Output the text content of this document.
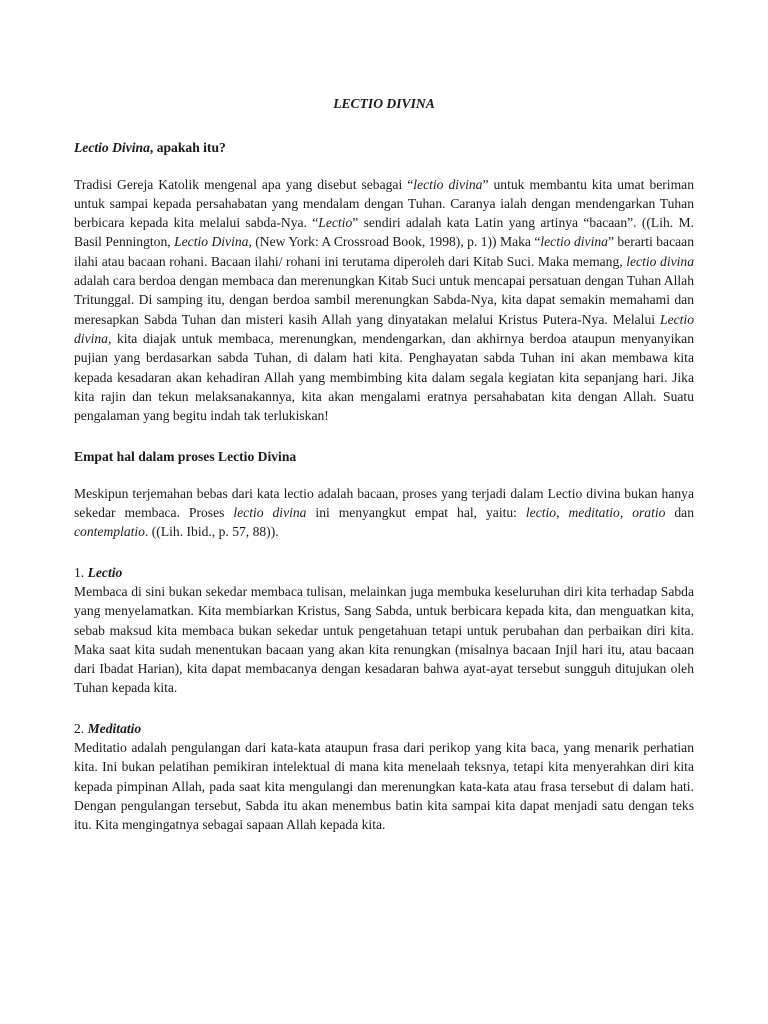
LECTIO DIVINA
Lectio Divina, apakah itu?

Tradisi Gereja Katolik mengenal apa yang disebut sebagai “lectio divina” untuk membantu kita umat beriman untuk sampai kepada persahabatan yang mendalam dengan Tuhan. Caranya ialah dengan mendengarkan Tuhan berbicara kepada kita melalui sabda-Nya. “Lectio” sendiri adalah kata Latin yang artinya “bacaan”. ((Lih. M. Basil Pennington, Lectio Divina, (New York: A Crossroad Book, 1998), p. 1)) Maka “lectio divina” berarti bacaan ilahi atau bacaan rohani. Bacaan ilahi/ rohani ini terutama diperoleh dari Kitab Suci. Maka memang, lectio divina adalah cara berdoa dengan membaca dan merenungkan Kitab Suci untuk mencapai persatuan dengan Tuhan Allah Tritunggal. Di samping itu, dengan berdoa sambil merenungkan Sabda-Nya, kita dapat semakin memahami dan meresapkan Sabda Tuhan dan misteri kasih Allah yang dinyatakan melalui Kristus Putera-Nya. Melalui Lectio divina, kita diajak untuk membaca, merenungkan, mendengarkan, dan akhirnya berdoa ataupun menyanyikan pujian yang berdasarkan sabda Tuhan, di dalam hati kita. Penghayatan sabda Tuhan ini akan membawa kita kepada kesadaran akan kehadiran Allah yang membimbing kita dalam segala kegiatan kita sepanjang hari. Jika kita rajin dan tekun melaksanakannya, kita akan mengalami eratnya persahabatan kita dengan Allah. Suatu pengalaman yang begitu indah tak terlukiskan!

Empat hal dalam proses Lectio Divina

Meskipun terjemahan bebas dari kata lectio adalah bacaan, proses yang terjadi dalam Lectio divina bukan hanya sekedar membaca. Proses lectio divina ini menyangkut empat hal, yaitu: lectio, meditatio, oratio dan contemplatio. ((Lih. Ibid., p. 57, 88)).

1. Lectio

Membaca di sini bukan sekedar membaca tulisan, melainkan juga membuka keseluruhan diri kita terhadap Sabda yang menyelamatkan. Kita membiarkan Kristus, Sang Sabda, untuk berbicara kepada kita, dan menguatkan kita, sebab maksud kita membaca bukan sekedar untuk pengetahuan tetapi untuk perubahan dan perbaikan diri kita. Maka saat kita sudah menentukan bacaan yang akan kita renungkan (misalnya bacaan Injil hari itu, atau bacaan dari Ibadat Harian), kita dapat membacanya dengan kesadaran bahwa ayat-ayat tersebut sungguh ditujukan oleh Tuhan kepada kita.

2. Meditatio

Meditatio adalah pengulangan dari kata-kata ataupun frasa dari perikop yang kita baca, yang menarik perhatian kita. Ini bukan pelatihan pemikiran intelektual di mana kita menelaah teksnya, tetapi kita menyerahkan diri kita kepada pimpinan Allah, pada saat kita mengulangi dan merenungkan kata-kata atau frasa tersebut di dalam hati. Dengan pengulangan tersebut, Sabda itu akan menembus batin kita sampai kita dapat menjadi satu dengan teks itu. Kita mengingatnya sebagai sapaan Allah kepada kita.
